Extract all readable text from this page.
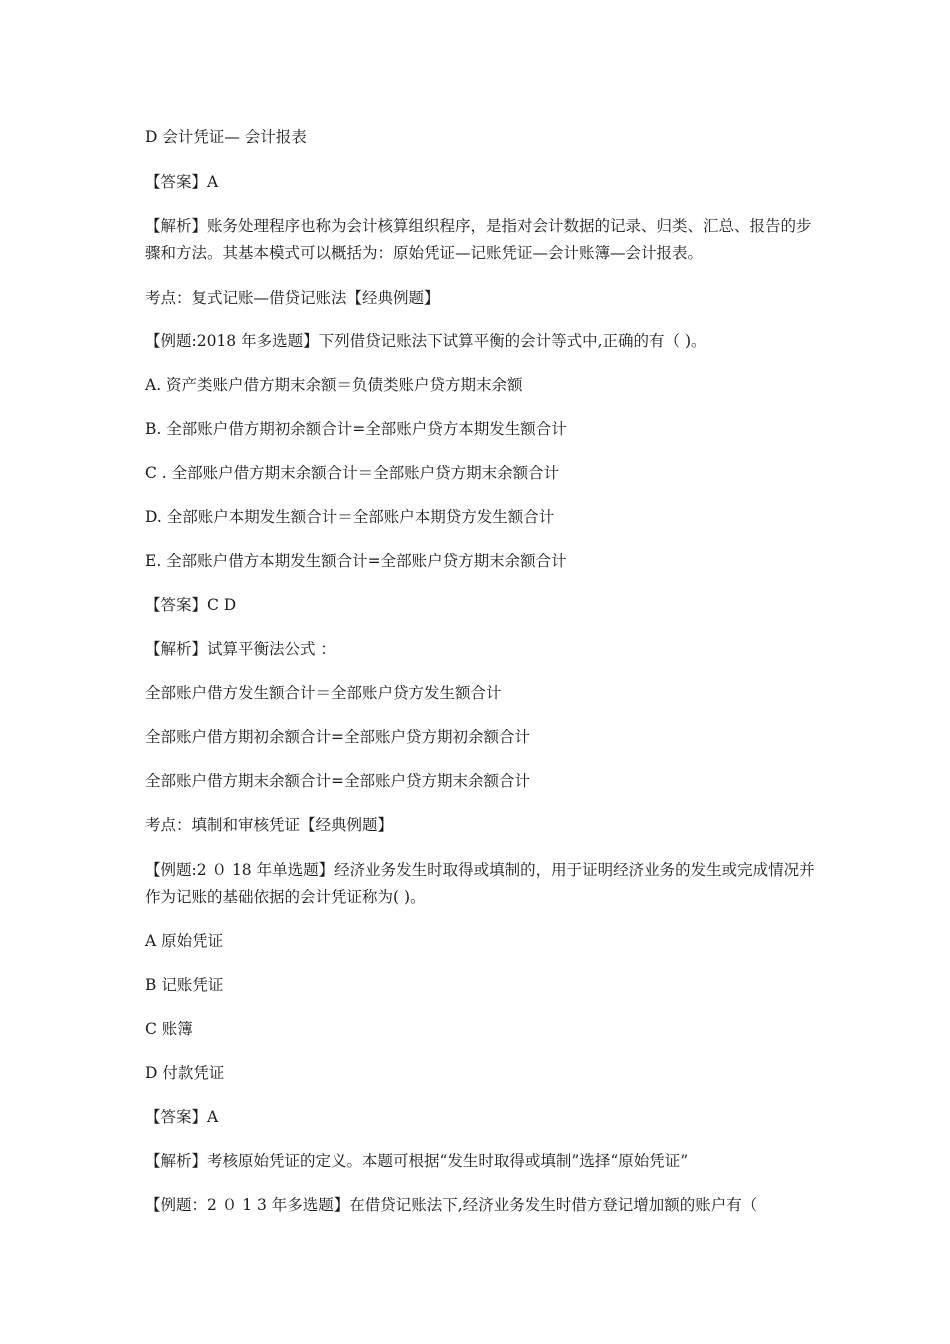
D 会计凭证— 会计报表
【答案】A
【解析】账务处理程序也称为会计核算组织程序，是指对会计数据的记录、归类、汇总、报告的步骤和方法。其基本模式可以概括为：原始凭证—记账凭证—会计账簿—会计报表。
考点：复式记账—借贷记账法【经典例题】
【例题:2018 年多选题】下列借贷记账法下试算平衡的会计等式中,正确的有（ )。
A. 资产类账户借方期末余额＝负债类账户贷方期末余额
B. 全部账户借方期初余额合计=全部账户贷方本期发生额合计
C . 全部账户借方期末余额合计＝全部账户贷方期末余额合计
D. 全部账户本期发生额合计＝全部账户本期贷方发生额合计
E. 全部账户借方本期发生额合计=全部账户贷方期末余额合计
【答案】C D
【解析】试算平衡法公式 ：
全部账户借方发生额合计＝全部账户贷方发生额合计
全部账户借方期初余额合计=全部账户贷方期初余额合计
全部账户借方期末余额合计=全部账户贷方期末余额合计
考点：填制和审核凭证【经典例题】
【例题:2 ０ 18 年单选题】经济业务发生时取得或填制的，用于证明经济业务的发生或完成情况并作为记账的基础依据的会计凭证称为( )。
A 原始凭证
B 记账凭证
C 账簿
D 付款凭证
【答案】A
【解析】考核原始凭证的定义。本题可根据“发生时取得或填制”选择“原始凭证”
【例题：2 ０ 1 3 年多选题】在借贷记账法下,经济业务发生时借方登记增加额的账户有（
